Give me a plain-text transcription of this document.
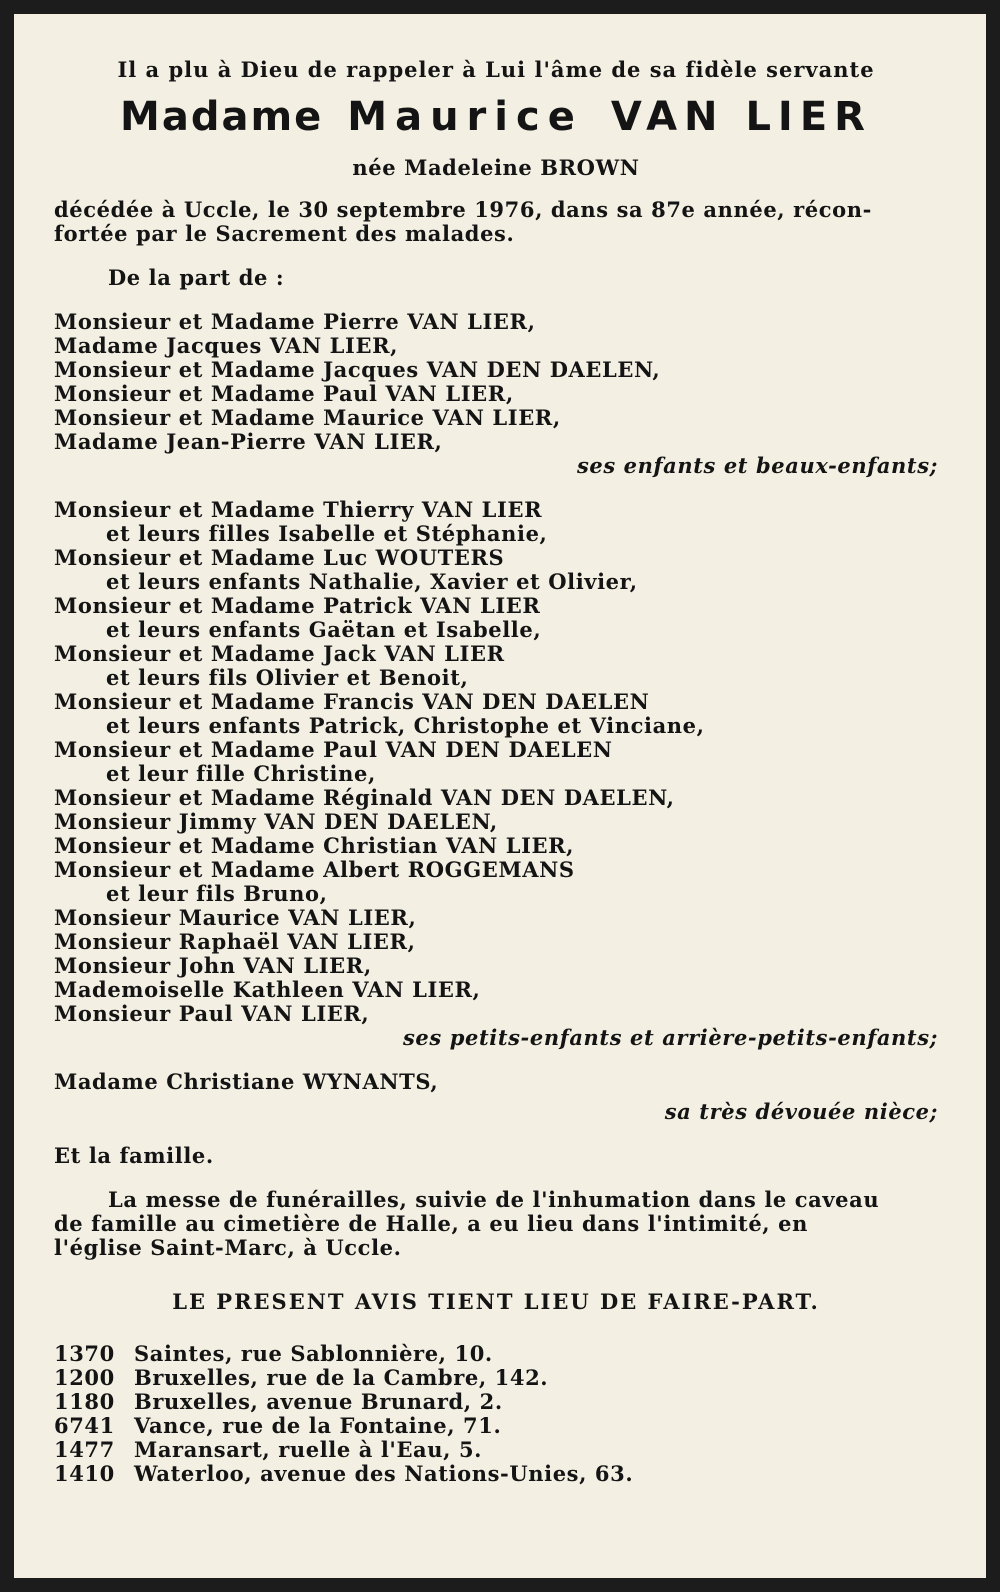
Il a plu à Dieu de rappeler à Lui l'âme de sa fidèle servante
Madame Maurice VAN LIER
née Madeleine BROWN
décédée à Uccle, le 30 septembre 1976, dans sa 87e année, récon-
fortée par le Sacrement des malades.
De la part de :
Monsieur et Madame Pierre VAN LIER,
Madame Jacques VAN LIER,
Monsieur et Madame Jacques VAN DEN DAELEN,
Monsieur et Madame Paul VAN LIER,
Monsieur et Madame Maurice VAN LIER,
Madame Jean-Pierre VAN LIER,
ses enfants et beaux-enfants;
Monsieur et Madame Thierry VAN LIER
et leurs filles Isabelle et Stéphanie,
Monsieur et Madame Luc WOUTERS
et leurs enfants Nathalie, Xavier et Olivier,
Monsieur et Madame Patrick VAN LIER
et leurs enfants Gaëtan et Isabelle,
Monsieur et Madame Jack VAN LIER
et leurs fils Olivier et Benoit,
Monsieur et Madame Francis VAN DEN DAELEN
et leurs enfants Patrick, Christophe et Vinciane,
Monsieur et Madame Paul VAN DEN DAELEN
et leur fille Christine,
Monsieur et Madame Réginald VAN DEN DAELEN,
Monsieur Jimmy VAN DEN DAELEN,
Monsieur et Madame Christian VAN LIER,
Monsieur et Madame Albert ROGGEMANS
et leur fils Bruno,
Monsieur Maurice VAN LIER,
Monsieur Raphaël VAN LIER,
Monsieur John VAN LIER,
Mademoiselle Kathleen VAN LIER,
Monsieur Paul VAN LIER,
ses petits-enfants et arrière-petits-enfants;
Madame Christiane WYNANTS,
sa très dévouée nièce;
Et la famille.
La messe de funérailles, suivie de l'inhumation dans le caveau
de famille au cimetière de Halle, a eu lieu dans l'intimité, en
l'église Saint-Marc, à Uccle.
LE PRESENT AVIS TIENT LIEU DE FAIRE-PART.
1370 Saintes, rue Sablonnière, 10.
1200 Bruxelles, rue de la Cambre, 142.
1180 Bruxelles, avenue Brunard, 2.
6741 Vance, rue de la Fontaine, 71.
1477 Maransart, ruelle à l'Eau, 5.
1410 Waterloo, avenue des Nations-Unies, 63.
